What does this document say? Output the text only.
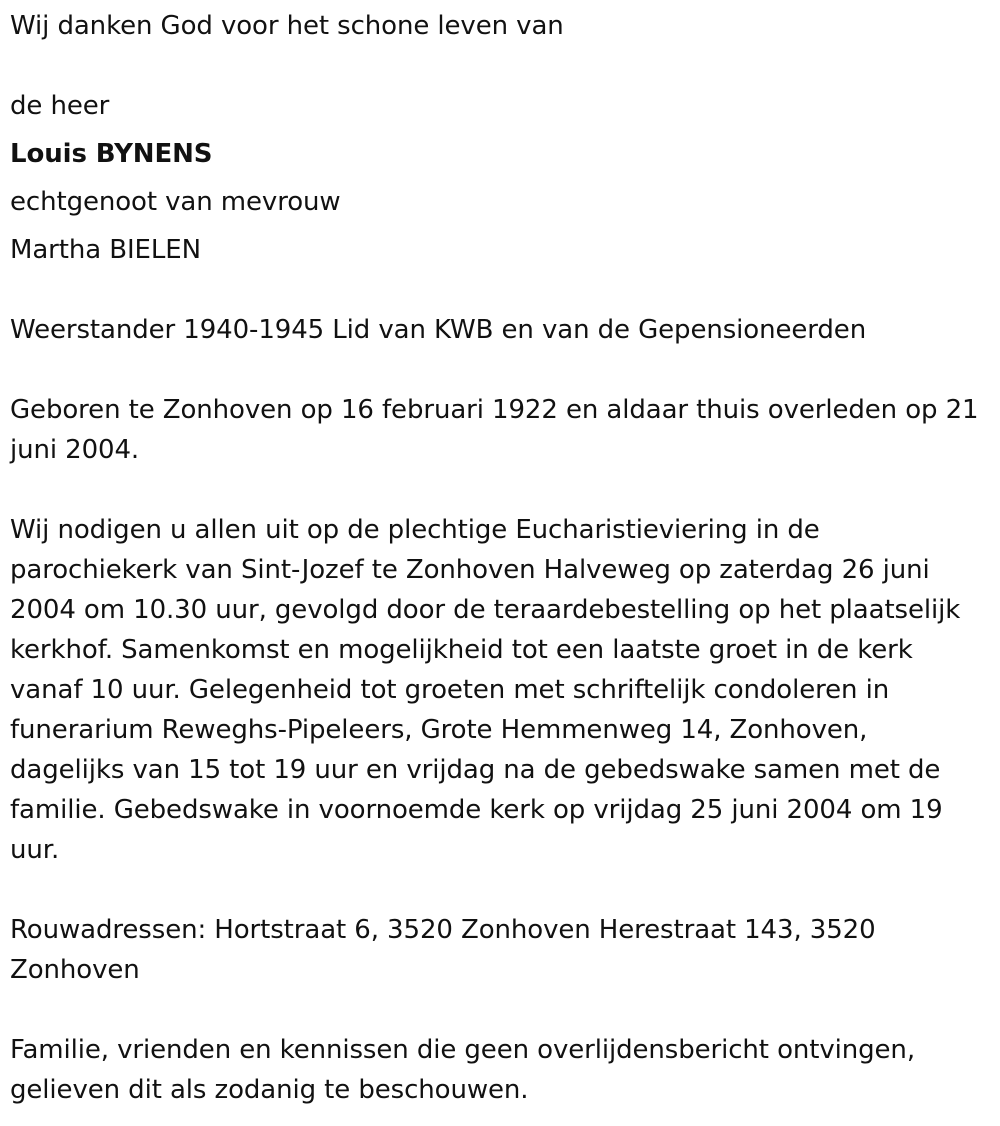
Wij danken God voor het schone leven van
de heer
Louis BYNENS
echtgenoot van mevrouw
Martha BIELEN
Weerstander 1940-1945 Lid van KWB en van de Gepensioneerden
Geboren te Zonhoven op 16 februari 1922 en aldaar thuis overleden op 21 juni 2004.
Wij nodigen u allen uit op de plechtige Eucharistieviering in de
parochiekerk van Sint-Jozef te Zonhoven Halveweg op zaterdag 26 juni
2004 om 10.30 uur, gevolgd door de teraardebestelling op het plaatselijk
kerkhof. Samenkomst en mogelijkheid tot een laatste groet in de kerk
vanaf 10 uur. Gelegenheid tot groeten met schriftelijk condoleren in
funerarium Reweghs-Pipeleers, Grote Hemmenweg 14, Zonhoven,
dagelijks van 15 tot 19 uur en vrijdag na de gebedswake samen met de
familie. Gebedswake in voornoemde kerk op vrijdag 25 juni 2004 om 19
uur.
Rouwadressen: Hortstraat 6, 3520 Zonhoven Herestraat 143, 3520
Zonhoven
Familie, vrienden en kennissen die geen overlijdensbericht ontvingen,
gelieven dit als zodanig te beschouwen.
